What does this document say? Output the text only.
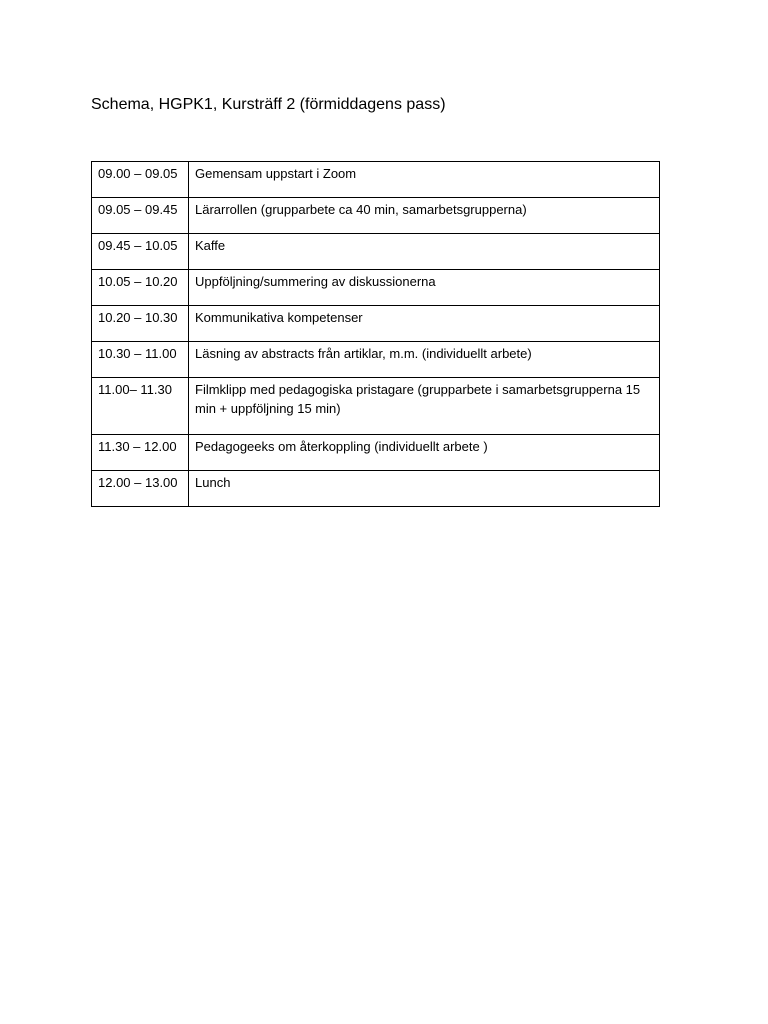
Schema, HGPK1, Kursträff 2 (förmiddagens pass)
09.00 – 09.05	Gemensam uppstart i Zoom
09.05 – 09.45	Lärarrollen (grupparbete ca 40 min, samarbetsgrupperna)
09.45 – 10.05	Kaffe
10.05 – 10.20	Uppföljning/summering av diskussionerna
10.20 – 10.30	Kommunikativa kompetenser
10.30 – 11.00	Läsning av abstracts från artiklar, m.m. (individuellt arbete)
11.00– 11.30	Filmklipp med pedagogiska pristagare (grupparbete i samarbetsgrupperna 15 min + uppföljning 15 min)
11.30 – 12.00	Pedagogeeks om återkoppling (individuellt arbete )
12.00 – 13.00	Lunch
